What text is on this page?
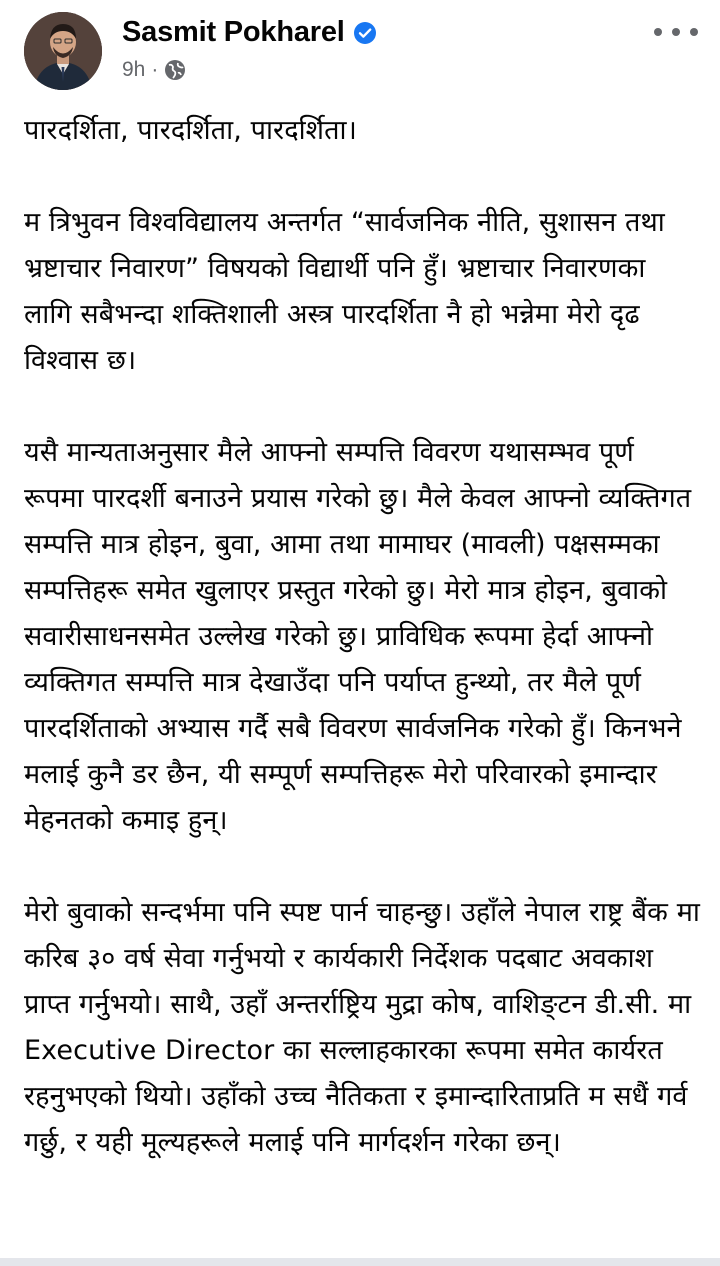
Sasmit Pokharel
9h ·

पारदर्शिता, पारदर्शिता, पारदर्शिता।

म त्रिभुवन विश्वविद्यालय अन्तर्गत “सार्वजनिक नीति, सुशासन तथा भ्रष्टाचार निवारण” विषयको विद्यार्थी पनि हुँ। भ्रष्टाचार निवारणका लागि सबैभन्दा शक्तिशाली अस्त्र पारदर्शिता नै हो भन्नेमा मेरो दृढ विश्वास छ।

यसै मान्यताअनुसार मैले आफ्नो सम्पत्ति विवरण यथासम्भव पूर्ण रूपमा पारदर्शी बनाउने प्रयास गरेको छु। मैले केवल आफ्नो व्यक्तिगत सम्पत्ति मात्र होइन, बुवा, आमा तथा मामाघर (मावली) पक्षसम्मका सम्पत्तिहरू समेत खुलाएर प्रस्तुत गरेको छु। मेरो मात्र होइन, बुवाको सवारीसाधनसमेत उल्लेख गरेको छु। प्राविधिक रूपमा हेर्दा आफ्नो व्यक्तिगत सम्पत्ति मात्र देखाउँदा पनि पर्याप्त हुन्थ्यो, तर मैले पूर्ण पारदर्शिताको अभ्यास गर्दै सबै विवरण सार्वजनिक गरेको हुँ। किनभने मलाई कुनै डर छैन, यी सम्पूर्ण सम्पत्तिहरू मेरो परिवारको इमान्दार मेहनतको कमाइ हुन्।

मेरो बुवाको सन्दर्भमा पनि स्पष्ट पार्न चाहन्छु। उहाँले नेपाल राष्ट्र बैंक मा करिब ३० वर्ष सेवा गर्नुभयो र कार्यकारी निर्देशक पदबाट अवकाश प्राप्त गर्नुभयो। साथै, उहाँ अन्तर्राष्ट्रिय मुद्रा कोष, वाशिङ्टन डी.सी. मा Executive Director का सल्लाहकारका रूपमा समेत कार्यरत रहनुभएको थियो। उहाँको उच्च नैतिकता र इमान्दारिताप्रति म सधैं गर्व गर्छु, र यही मूल्यहरूले मलाई पनि मार्गदर्शन गरेका छन्।
